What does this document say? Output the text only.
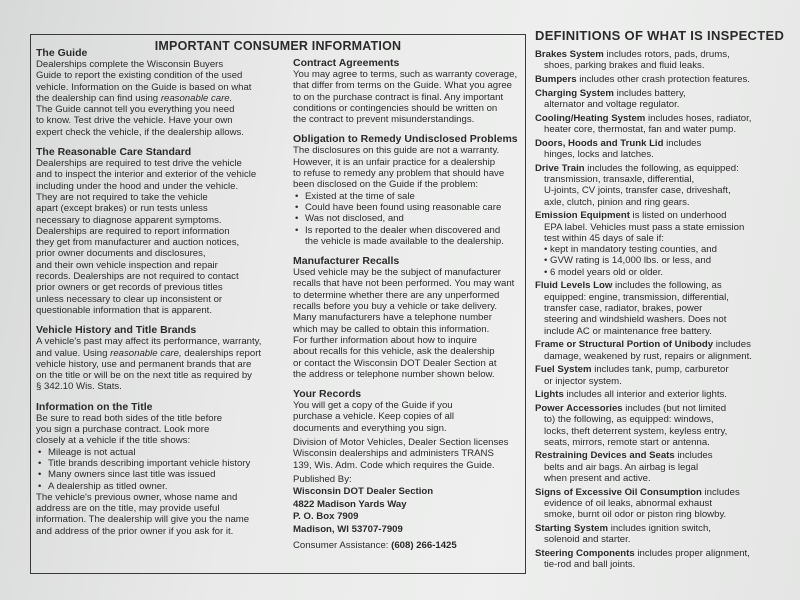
IMPORTANT CONSUMER INFORMATION
The Guide

Dealerships complete the Wisconsin Buyers

Guide to report the existing condition of the used

vehicle. Information on the Guide is based on what

the dealership can find using reasonable care.

The Guide cannot tell you everything you need

to know. Test drive the vehicle. Have your own

expert check the vehicle, if the dealership allows.

The Reasonable Care Standard

Dealerships are required to test drive the vehicle

and to inspect the interior and exterior of the vehicle

including under the hood and under the vehicle.

They are not required to take the vehicle

apart (except brakes) or run tests unless

necessary to diagnose apparent symptoms.

Dealerships are required to report information

they get from manufacturer and auction notices,

prior owner documents and disclosures,

and their own vehicle inspection and repair

records. Dealerships are not required to contact

prior owners or get records of previous titles

unless necessary to clear up inconsistent or

questionable information that is apparent.

Vehicle History and Title Brands

A vehicle's past may affect its performance, warranty,

and value. Using reasonable care, dealerships report

vehicle history, use and permanent brands that are

on the title or will be on the next title as required by

§ 342.10 Wis. Stats.

Information on the Title

Be sure to read both sides of the title before

you sign a purchase contract. Look more

closely at a vehicle if the title shows:

• Mileage is not actual
• Title brands describing important vehicle history
• Many owners since last title was issued
• A dealership as titled owner.

The vehicle's previous owner, whose name and

address are on the title, may provide useful

information. The dealership will give you the name

and address of the prior owner if you ask for it.

Contract Agreements

You may agree to terms, such as warranty coverage,

that differ from terms on the Guide. What you agree

to on the purchase contract is final. Any important

conditions or contingencies should be written on

the contract to prevent misunderstandings.

Obligation to Remedy Undisclosed Problems

The disclosures on this guide are not a warranty.

However, it is an unfair practice for a dealership

to refuse to remedy any problem that should have

been disclosed on the Guide if the problem:

• Existed at the time of sale
• Could have been found using reasonable care
• Was not disclosed, and
• Is reported to the dealer when discovered and

the vehicle is made available to the dealership.

Manufacturer Recalls

Used vehicle may be the subject of manufacturer

recalls that have not been performed. You may want

to determine whether there are any unperformed

recalls before you buy a vehicle or take delivery.

Many manufacturers have a telephone number

which may be called to obtain this information.

For further information about how to inquire

about recalls for this vehicle, ask the dealership

or contact the Wisconsin DOT Dealer Section at

the address or telephone number shown below.

Your Records

You will get a copy of the Guide if you

purchase a vehicle. Keep copies of all

documents and everything you sign.

Division of Motor Vehicles, Dealer Section licenses

Wisconsin dealerships and administers TRANS

139, Wis. Adm. Code which requires the Guide.

Published By:

Wisconsin DOT Dealer Section

4822 Madison Yards Way

P. O. Box 7909

Madison, WI 53707-7909

Consumer Assistance: (608) 266-1425

DEFINITIONS OF WHAT IS INSPECTED
Brakes System includes rotors, pads, drums,
shoes, parking brakes and fluid leaks.
Bumpers includes other crash protection features.
Charging System includes battery,
alternator and voltage regulator.
Cooling/Heating System includes hoses, radiator,
heater core, thermostat, fan and water pump.
Doors, Hoods and Trunk Lid includes
hinges, locks and latches.
Drive Train includes the following, as equipped:
transmission, transaxle, differential,
U-joints, CV joints, transfer case, driveshaft,
axle, clutch, pinion and ring gears.
Emission Equipment is listed on underhood
EPA label. Vehicles must pass a state emission
test within 45 days of sale if:
• kept in mandatory testing counties, and
• GVW rating is 14,000 lbs. or less, and
• 6 model years old or older.
Fluid Levels Low includes the following, as
equipped: engine, transmission, differential,
transfer case, radiator, brakes, power
steering and windshield washers. Does not
include AC or maintenance free battery.
Frame or Structural Portion of Unibody includes
damage, weakened by rust, repairs or alignment.
Fuel System includes tank, pump, carburetor
or injector system.
Lights includes all interior and exterior lights.
Power Accessories includes (but not limited
to) the following, as equipped: windows,
locks, theft deterrent system, keyless entry,
seats, mirrors, remote start or antenna.
Restraining Devices and Seats includes
belts and air bags. An airbag is legal
when present and active.
Signs of Excessive Oil Consumption includes
evidence of oil leaks, abnormal exhaust
smoke, burnt oil odor or piston ring blowby.
Starting System includes ignition switch,
solenoid and starter.
Steering Components includes proper alignment,
tie-rod and ball joints.
